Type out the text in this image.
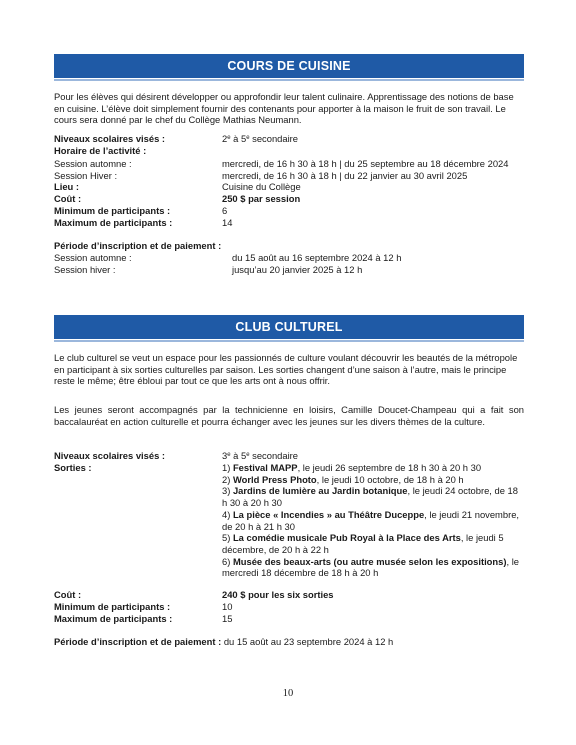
COURS DE CUISINE
Pour les élèves qui désirent développer ou approfondir leur talent culinaire. Apprentissage des notions de base en cuisine. L’élève doit simplement fournir des contenants pour apporter à la maison le fruit de son travail. Le cours sera donné par le chef du Collège Mathias Neumann.
Niveaux scolaires visés :	2e à 5e secondaire
Horaire de l’activité :
Session automne :	mercredi, de 16 h 30 à 18 h | du 25 septembre au 18 décembre 2024
Session Hiver :	mercredi, de 16 h 30 à 18 h | du 22 janvier au 30 avril 2025
Lieu :	Cuisine du Collège
Coût :	250 $ par session
Minimum de participants :	6
Maximum de participants :	14
Période d’inscription et de paiement :
Session automne :	du 15 août au 16 septembre 2024 à 12 h
Session hiver :	jusqu’au 20 janvier 2025 à 12 h
CLUB CULTUREL
Le club culturel se veut un espace pour les passionnés de culture voulant découvrir les beautés de la métropole en participant à six sorties culturelles par saison. Les sorties changent d’une saison à l’autre, mais le principe reste le même; être ébloui par tout ce que les arts ont à nous offrir.
Les jeunes seront accompagnés par la technicienne en loisirs, Camille Doucet-Champeau qui a fait son baccalauréat en action culturelle et pourra échanger avec les jeunes sur les divers thèmes de la culture.
Niveaux scolaires visés :	3e à 5e secondaire
Sorties :	1) Festival MAPP, le jeudi 26 septembre de 18 h 30 à 20 h 30

2) World Press Photo, le jeudi 10 octobre, de 18 h à 20 h

3) Jardins de lumière au Jardin botanique, le jeudi 24 octobre, de 18 h 30 à 20 h 30

4) La pièce « Incendies » au Théâtre Duceppe, le jeudi 21 novembre, de 20 h à 21 h 30

5) La comédie musicale Pub Royal à la Place des Arts, le jeudi 5 décembre, de 20 h à 22 h

6) Musée des beaux-arts (ou autre musée selon les expositions), le mercredi 18 décembre de 18 h à 20 h

Coût :	240 $ pour les six sorties
Minimum de participants :	10
Maximum de participants :	15
Période d’inscription et de paiement : du 15 août au 23 septembre 2024 à 12 h
10
